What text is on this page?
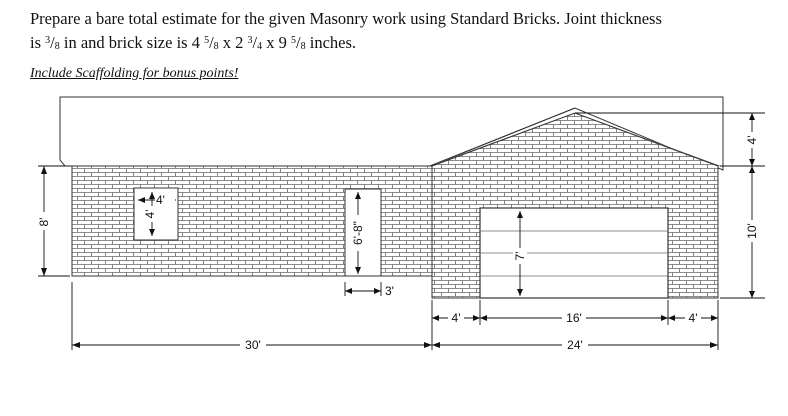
Prepare a bare total estimate for the given Masonry work using Standard Bricks. Joint thickness
is $^3/_8$ in and brick size is 4 $^5/_8$ x 2 $^3/_4$ x 9 $^5/_8$ inches.
Include Scaffolding for bonus points!
8'
4'
4'
6'-8"
3'
7'
4'	16'	4'
30'	24'
4'
10'
